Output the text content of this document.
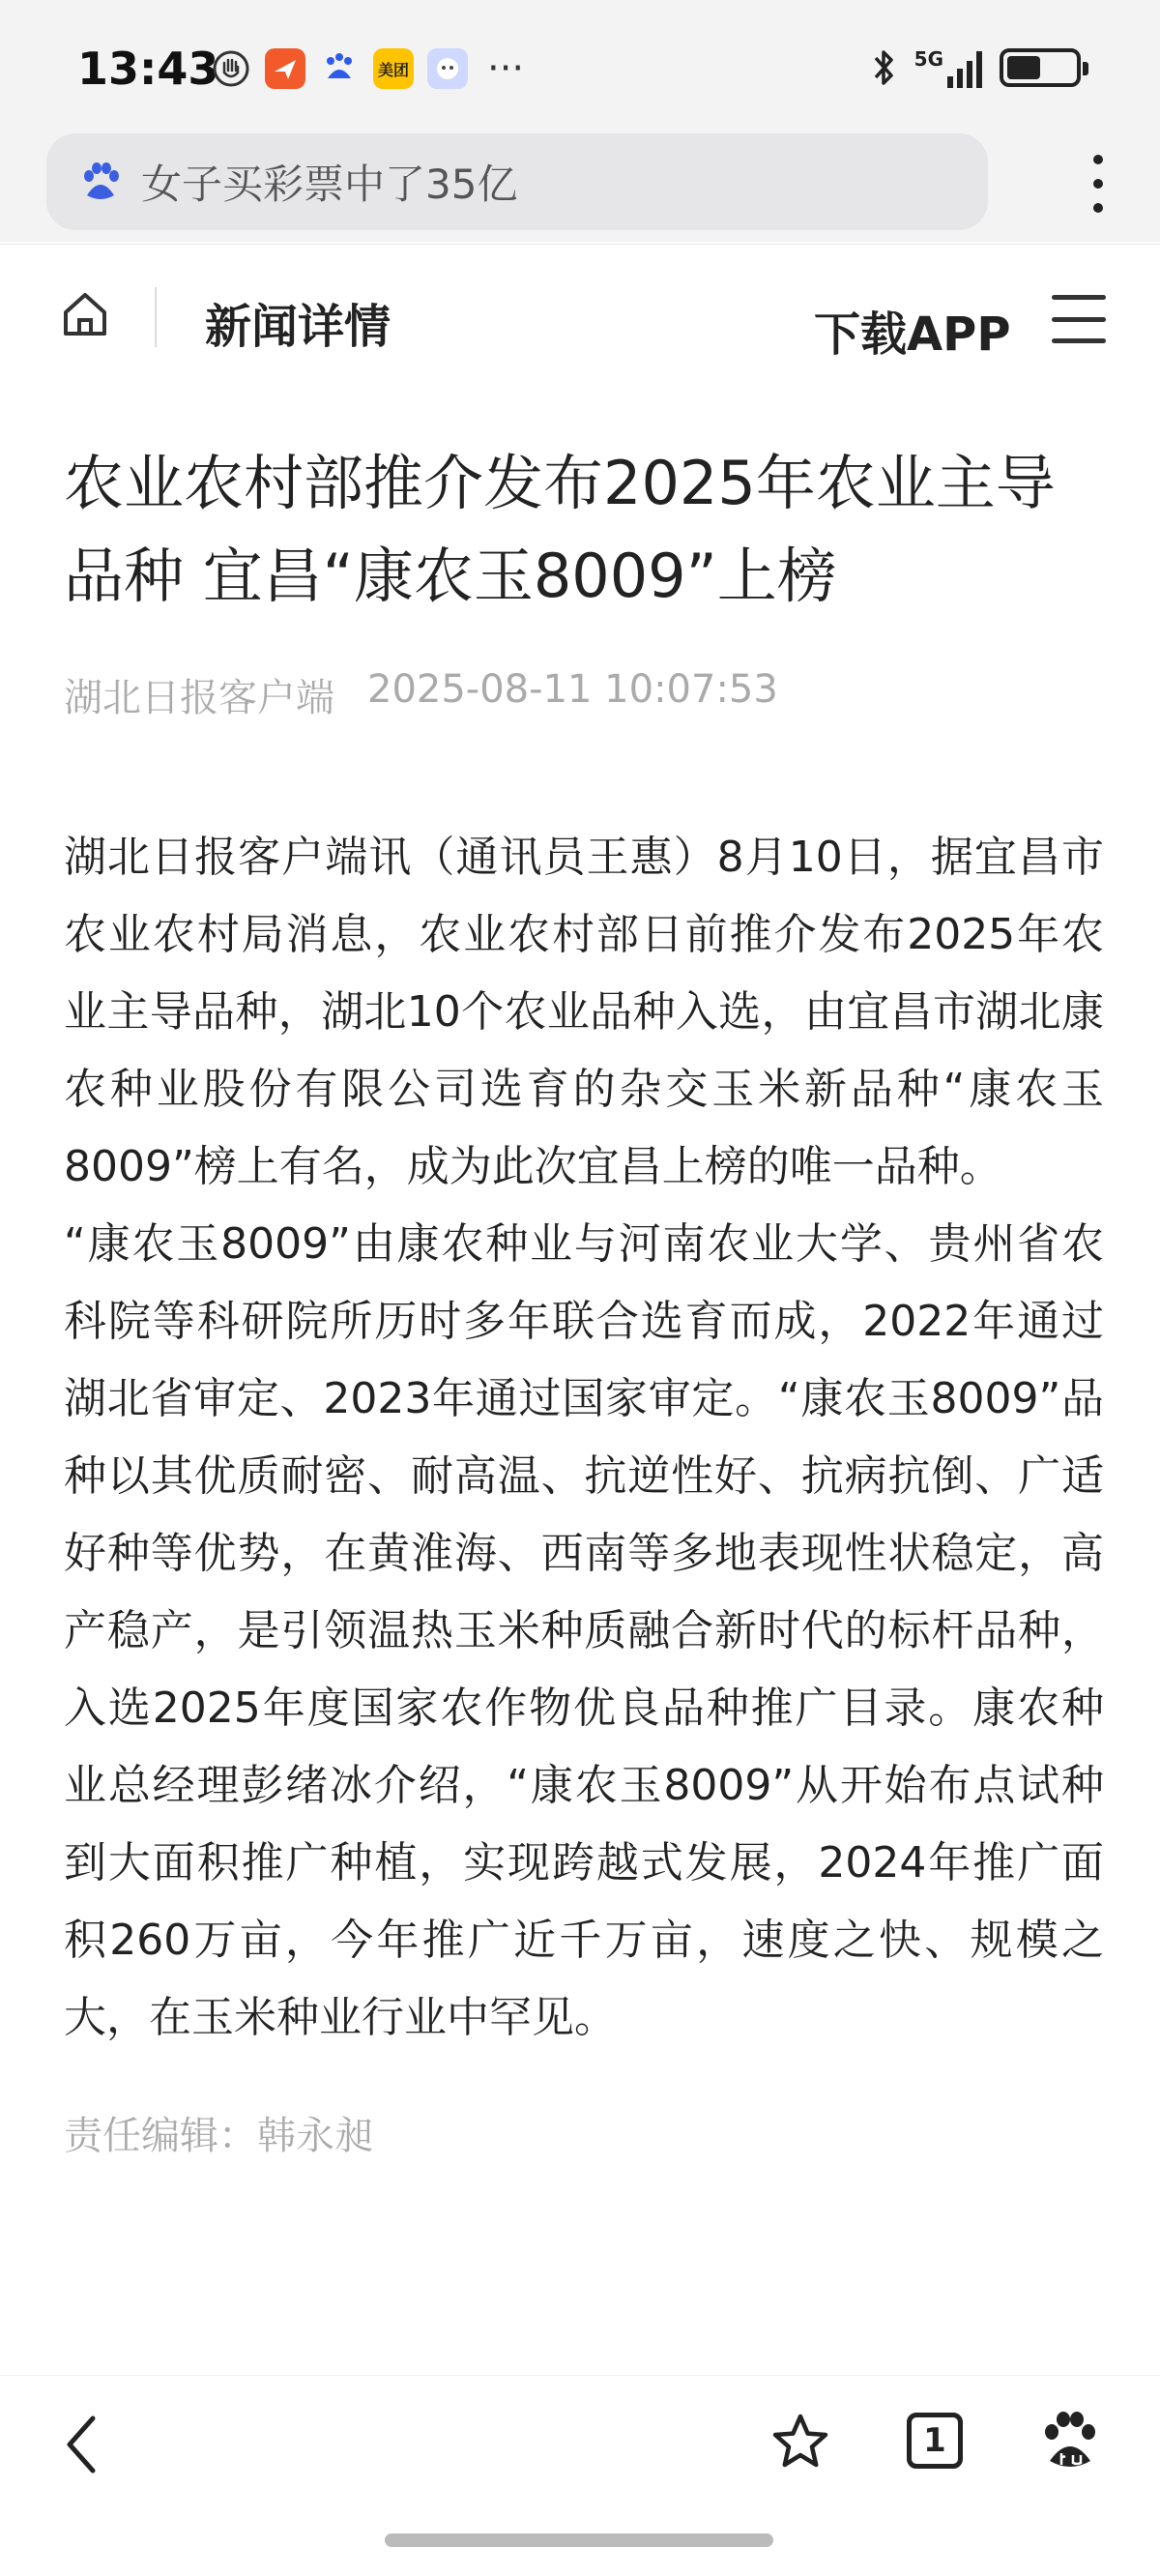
13:43	美团 ···	5G
女子买彩票中了35亿
新闻详情	下载APP
农业农村部推介发布2025年农业主导品种 宜昌“康农玉8009”上榜
湖北日报客户端 2025-08-11 10:07:53

湖北日报客户端讯（通讯员王惠）8月10日，据宜昌市农业农村局消息，农业农村部日前推介发布2025年农业主导品种，湖北10个农业品种入选，由宜昌市湖北康农种业股份有限公司选育的杂交玉米新品种“康农玉8009”榜上有名，成为此次宜昌上榜的唯一品种。

“康农玉8009”由康农种业与河南农业大学、贵州省农科院等科研院所历时多年联合选育而成，2022年通过湖北省审定、2023年通过国家审定。“康农玉8009”品种以其优质耐密、耐高温、抗逆性好、抗病抗倒、广适好种等优势，在黄淮海、西南等多地表现性状稳定，高产稳产，是引领温热玉米种质融合新时代的标杆品种，入选2025年度国家农作物优良品种推广目录。康农种业总经理彭绪冰介绍，“康农玉8009”从开始布点试种到大面积推广种植，实现跨越式发展，2024年推广面积260万亩，今年推广近千万亩，速度之快、规模之大，在玉米种业行业中罕见。

责任编辑：韩永昶
1
